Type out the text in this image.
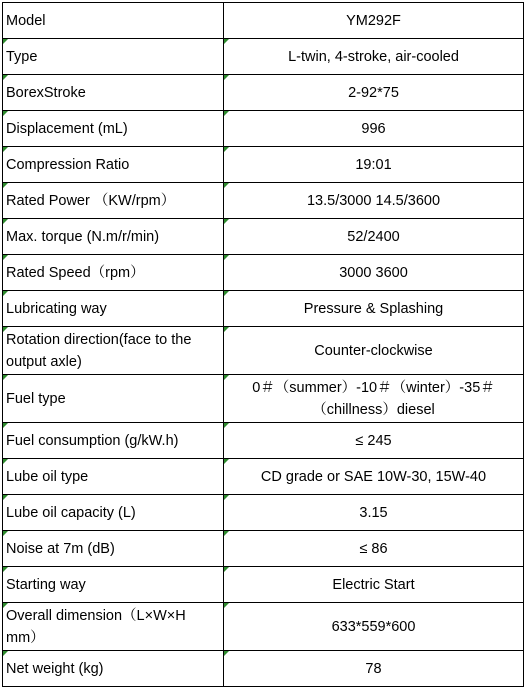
Model	YM292F
Type	L-twin, 4-stroke, air-cooled
BorexStroke	2-92*75
Displacement (mL)	996
Compression Ratio	19:01
Rated Power （KW/rpm）	13.5/3000 14.5/3600
Max. torque (N.m/r/min)	52/2400
Rated Speed（rpm）	3000 3600
Lubricating way	Pressure & Splashing
Rotation direction(face to the output axle)	Counter-clockwise
Fuel type	0＃（summer）-10＃（winter）-35＃（chillness）diesel
Fuel consumption (g/kW.h)	≤ 245
Lube oil type	CD grade or SAE 10W-30, 15W-40
Lube oil capacity (L)	3.15
Noise at 7m (dB)	≤ 86
Starting way	Electric Start
Overall dimension（L×W×H mm）	633*559*600
Net weight (kg)	78
